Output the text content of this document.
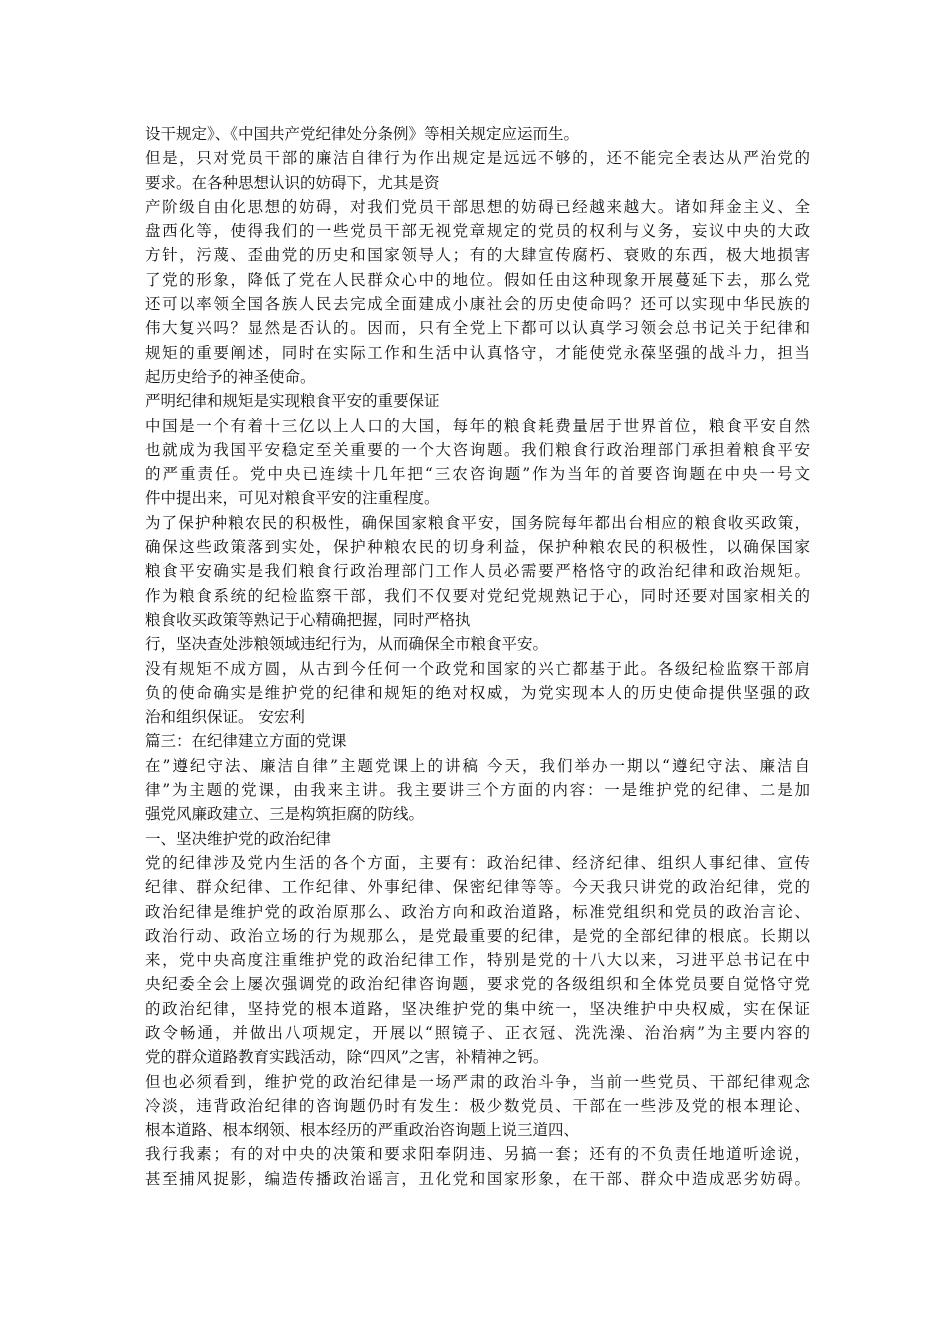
设干规定》、《中国共产党纪律处分条例》等相关规定应运而生。
但是，只对党员干部的廉洁自律行为作出规定是远远不够的，还不能完全表达从严治党的
要求。在各种思想认识的妨碍下，尤其是资
产阶级自由化思想的妨碍，对我们党员干部思想的妨碍已经越来越大。诸如拜金主义、全
盘西化等，使得我们的一些党员干部无视党章规定的党员的权利与义务，妄议中央的大政
方针，污蔑、歪曲党的历史和国家领导人；有的大肆宣传腐朽、衰败的东西，极大地损害
了党的形象，降低了党在人民群众心中的地位。假如任由这种现象开展蔓延下去，那么党
还可以率领全国各族人民去完成全面建成小康社会的历史使命吗？还可以实现中华民族的
伟大复兴吗？显然是否认的。因而，只有全党上下都可以认真学习领会总书记关于纪律和
规矩的重要阐述，同时在实际工作和生活中认真恪守，才能使党永葆坚强的战斗力，担当
起历史给予的神圣使命。
严明纪律和规矩是实现粮食平安的重要保证
中国是一个有着十三亿以上人口的大国，每年的粮食耗费量居于世界首位，粮食平安自然
也就成为我国平安稳定至关重要的一个大咨询题。我们粮食行政治理部门承担着粮食平安
的严重责任。党中央已连续十几年把“三农咨询题”作为当年的首要咨询题在中央一号文
件中提出来，可见对粮食平安的注重程度。
为了保护种粮农民的积极性，确保国家粮食平安，国务院每年都出台相应的粮食收买政策，
确保这些政策落到实处，保护种粮农民的切身利益，保护种粮农民的积极性，以确保国家
粮食平安确实是我们粮食行政治理部门工作人员必需要严格恪守的政治纪律和政治规矩。
作为粮食系统的纪检监察干部，我们不仅要对党纪党规熟记于心，同时还要对国家相关的
粮食收买政策等熟记于心精确把握，同时严格执
行，坚决查处涉粮领域违纪行为，从而确保全市粮食平安。
没有规矩不成方圆，从古到今任何一个政党和国家的兴亡都基于此。各级纪检监察干部肩
负的使命确实是维护党的纪律和规矩的绝对权威，为党实现本人的历史使命提供坚强的政
治和组织保证。 安宏利
篇三：在纪律建立方面的党课
在”遵纪守法、廉洁自律”主题党课上的讲稿 今天，我们举办一期以“遵纪守法、廉洁自
律”为主题的党课，由我来主讲。我主要讲三个方面的内容：一是维护党的纪律、二是加
强党风廉政建立、三是构筑拒腐的防线。
一、坚决维护党的政治纪律
党的纪律涉及党内生活的各个方面，主要有：政治纪律、经济纪律、组织人事纪律、宣传
纪律、群众纪律、工作纪律、外事纪律、保密纪律等等。今天我只讲党的政治纪律，党的
政治纪律是维护党的政治原那么、政治方向和政治道路，标准党组织和党员的政治言论、
政治行动、政治立场的行为规那么，是党最重要的纪律，是党的全部纪律的根底。长期以
来，党中央高度注重维护党的政治纪律工作，特别是党的十八大以来，习进平总书记在中
央纪委全会上屡次强调党的政治纪律咨询题，要求党的各级组织和全体党员要自觉恪守党
的政治纪律，坚持党的根本道路，坚决维护党的集中统一，坚决维护中央权威，实在保证
政令畅通，并做出八项规定，开展以“照镜子、正衣冠、洗洗澡、治治病”为主要内容的
党的群众道路教育实践活动，除“四风”之害，补精神之钙。
但也必须看到，维护党的政治纪律是一场严肃的政治斗争，当前一些党员、干部纪律观念
冷淡，违背政治纪律的咨询题仍时有发生：极少数党员、干部在一些涉及党的根本理论、
根本道路、根本纲领、根本经历的严重政治咨询题上说三道四、
我行我素；有的对中央的决策和要求阳奉阴违、另搞一套；还有的不负责任地道听途说，
甚至捕风捉影，编造传播政治谣言，丑化党和国家形象，在干部、群众中造成恶劣妨碍。
